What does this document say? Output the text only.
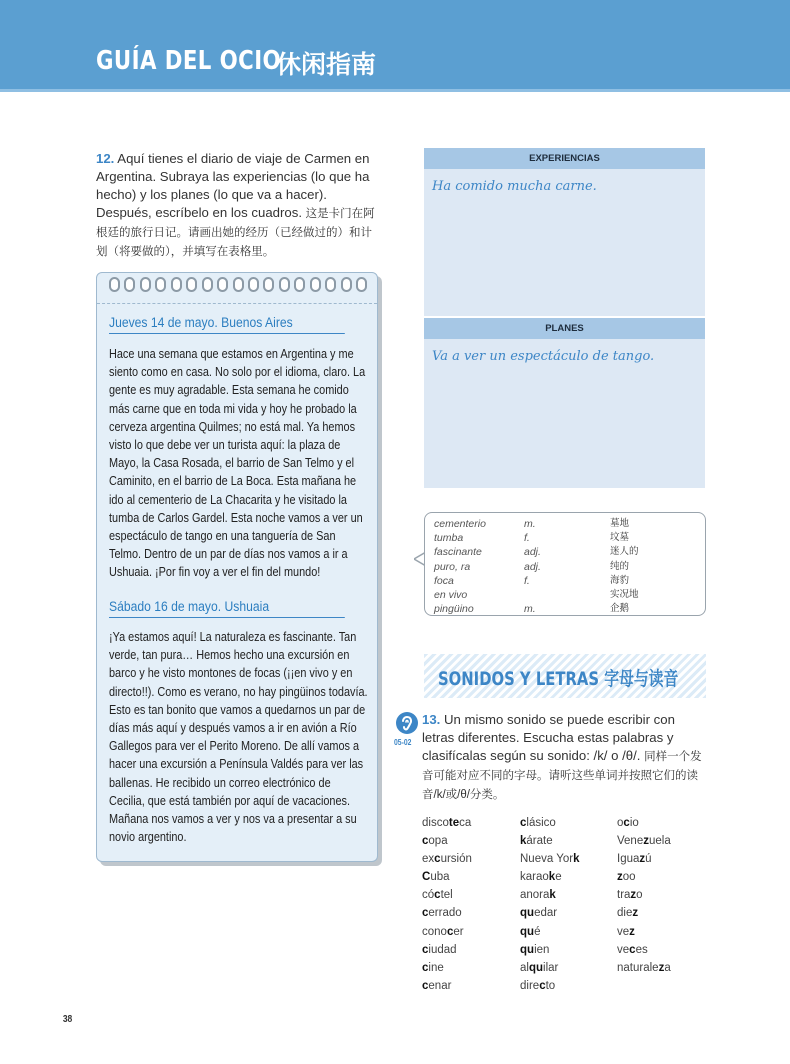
GUÍA DEL OCIO
休闲指南
12. Aquí tienes el diario de viaje de Carmen en Argentina. Subraya las experiencias (lo que ha hecho) y los planes (lo que va a hacer). Después, escríbelo en los cuadros. 这是卡门在阿根廷的旅行日记。请画出她的经历（已经做过的）和计划（将要做的），并填写在表格里。
Jueves 14 de mayo. Buenos Aires
Hace una semana que estamos en Argentina y me siento como en casa. No solo por el idioma, claro. La gente es muy agradable. Esta semana he comido más carne que en toda mi vida y hoy he probado la cerveza argentina Quilmes; no está mal. Ya hemos visto lo que debe ver un turista aquí: la plaza de Mayo, la Casa Rosada, el barrio de San Telmo y el Caminito, en el barrio de La Boca. Esta mañana he ido al cementerio de La Chacarita y he visitado la tumba de Carlos Gardel. Esta noche vamos a ver un espectáculo de tango en una tanguería de San Telmo. Dentro de un par de días nos vamos a ir a Ushuaia. ¡Por fin voy a ver el fin del mundo!
Sábado 16 de mayo. Ushuaia
¡Ya estamos aquí! La naturaleza es fascinante. Tan verde, tan pura… Hemos hecho una excursión en barco y he visto montones de focas (¡¡en vivo y en directo!!). Como es verano, no hay pingüinos todavía. Esto es tan bonito que vamos a quedarnos un par de días más aquí y después vamos a ir en avión a Río Gallegos para ver el Perito Moreno. De allí vamos a hacer una excursión a Península Valdés para ver las ballenas. He recibido un correo electrónico de Cecilia, que está también por aquí de vacaciones. Mañana nos vamos a ver y nos va a presentar a su novio argentino.
EXPERIENCIAS
Ha comido mucha carne.
PLANES
Va a ver un espectáculo de tango.
cementerio	m.	墓地
tumba	f.	坟墓
fascinante	adj.	迷人的
puro, ra	adj.	纯的
foca	f.	海豹
en vivo	实况地
pingüino	m.	企鹅
SONIDOS Y LETRAS 字母与读音
05-02
13. Un mismo sonido se puede escribir con letras diferentes. Escucha estas palabras y clasifícalas según su sonido: /k/ o /θ/. 同样一个发音可能对应不同的字母。请听这些单词并按照它们的读音/k/或/θ/分类。
discoteca
copa
excursión
Cuba
cóctel
cerrado
conocer
ciudad
cine
cenar
clásico
kárate
Nueva York
karaoke
anorak
quedar
qué
quien
alquilar
directo
ocio
Venezuela
Iguazú
zoo
trazo
diez
vez
veces
naturaleza
38
